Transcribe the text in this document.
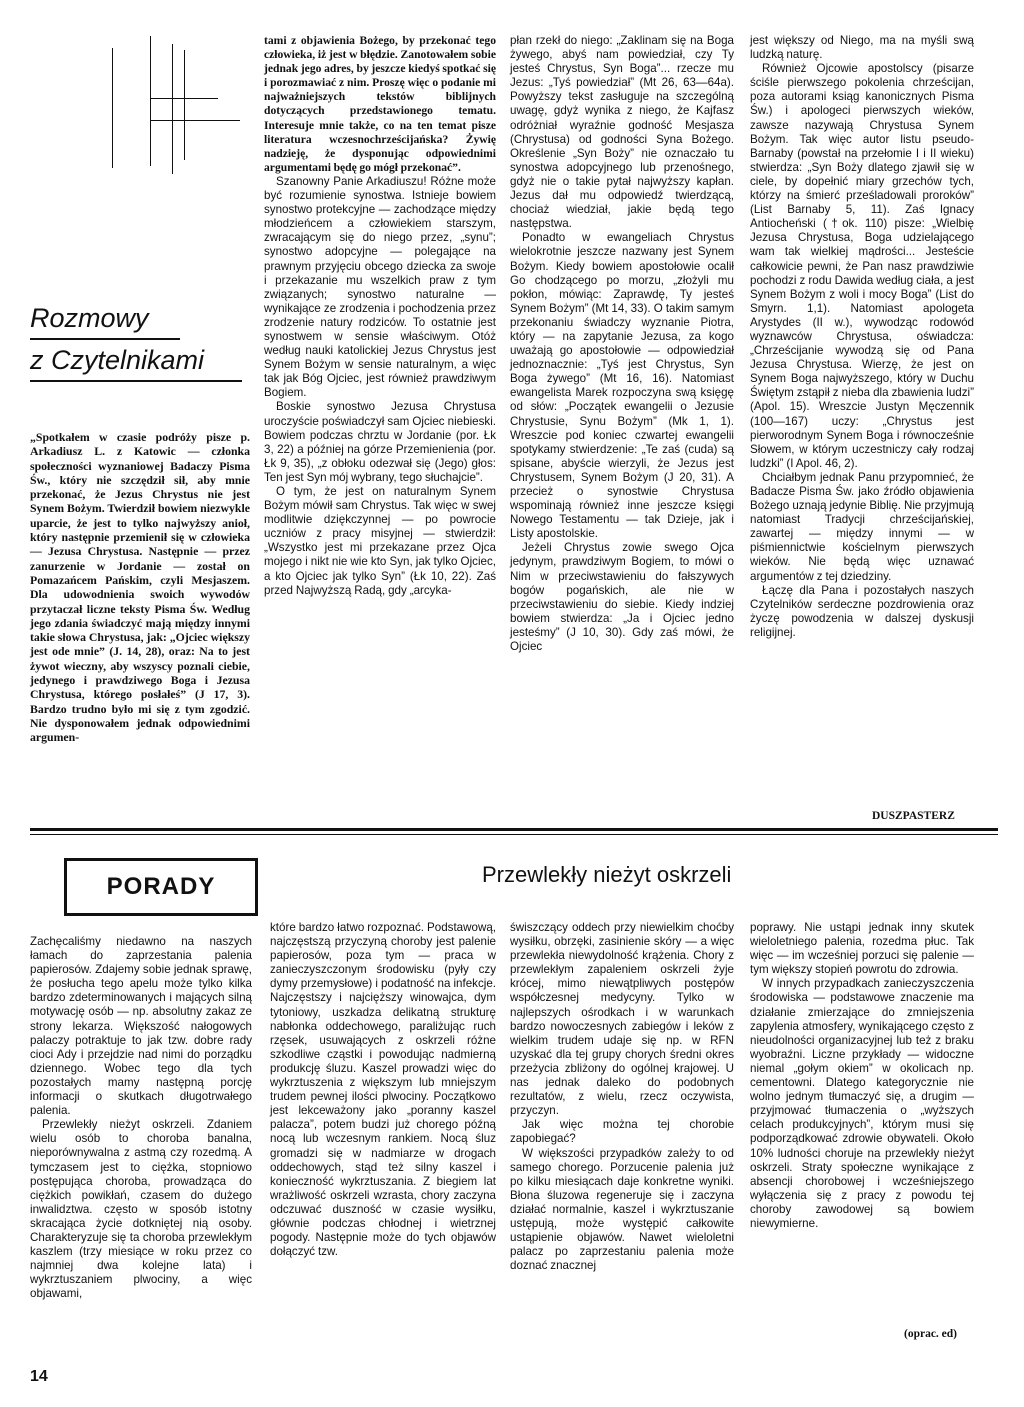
Rozmowy
z Czytelnikami

„Spotkałem w czasie podróży pisze p. Arkadiusz L. z Katowic — członka społeczności wyznaniowej Badaczy Pisma Św., który nie szczędził sił, aby mnie przekonać, że Jezus Chrystus nie jest Synem Bożym. Twierdził bowiem niezwykle uparcie, że jest to tylko najwyższy anioł, który następnie przemienił się w człowieka — Jezusa Chrystusa. Następnie — przez zanurzenie w Jordanie — został on Pomazańcem Pańskim, czyli Mesjaszem. Dla udowodnienia swoich wywodów przytaczał liczne teksty Pisma Św. Według jego zdania świadczyć mają między innymi takie słowa Chrystusa, jak: „Ojciec większy jest ode mnie” (J. 14, 28), oraz: Na to jest żywot wieczny, aby wszyscy poznali ciebie, jedynego i prawdziwego Boga i Jezusa Chrystusa, którego posłałeś” (J 17, 3). Bardzo trudno było mi się z tym zgodzić. Nie dysponowałem jednak odpowiednimi argumen-

tami z objawienia Bożego, by przekonać tego człowieka, iż jest w błędzie. Zanotowałem sobie jednak jego adres, by jeszcze kiedyś spotkać się i porozmawiać z nim. Proszę więc o podanie mi najważniejszych tekstów biblijnych dotyczących przedstawionego tematu. Interesuje mnie także, co na ten temat pisze literatura wczesnochrześcijańska? Żywię nadzieję, że dysponując odpowiednimi argumentami będę go mógł przekonać”.

Szanowny Panie Arkadiuszu! Różne może być rozumienie synostwa. Istnieje bowiem synostwo protekcyjne — zachodzące między młodzieńcem a człowiekiem starszym, zwracającym się do niego przez, „synu”; synostwo adopcyjne — polegające na prawnym przyjęciu obcego dziecka za swoje i przekazanie mu wszelkich praw z tym związanych; synostwo naturalne — wynikające ze zrodzenia i pochodzenia przez zrodzenie natury rodziców. To ostatnie jest synostwem w sensie właściwym. Otóż według nauki katolickiej Jezus Chrystus jest Synem Bożym w sensie naturalnym, a więc tak jak Bóg Ojciec, jest również prawdziwym Bogiem.

Boskie synostwo Jezusa Chrystusa uroczyście poświadczył sam Ojciec niebieski. Bowiem podczas chrztu w Jordanie (por. Łk 3, 22) a później na górze Przemienienia (por. Łk 9, 35), „z obłoku odezwał się (Jego) głos: Ten jest Syn mój wybrany, tego słuchajcie”.

O tym, że jest on naturalnym Synem Bożym mówił sam Chrystus. Tak więc w swej modlitwie dziękczynnej — po powrocie uczniów z pracy misyjnej — stwierdził: „Wszystko jest mi przekazane przez Ojca mojego i nikt nie wie kto Syn, jak tylko Ojciec, a kto Ojciec jak tylko Syn” (Łk 10, 22). Zaś przed Najwyższą Radą, gdy „arcyka-

płan rzekł do niego: „Zaklinam się na Boga żywego, abyś nam powiedział, czy Ty jesteś Chrystus, Syn Boga”... rzecze mu Jezus: „Tyś powiedział” (Mt 26, 63—64a). Powyższy tekst zasługuje na szczególną uwagę, gdyż wynika z niego, że Kajfasz odróżniał wyraźnie godność Mesjasza (Chrystusa) od godności Syna Bożego. Określenie „Syn Boży” nie oznaczało tu synostwa adopcyjnego lub przenośnego, gdyż nie o takie pytał najwyższy kapłan. Jezus dał mu odpowiedź twierdzącą, chociaż wiedział, jakie będą tego następstwa.

Ponadto w ewangeliach Chrystus wielokrotnie jeszcze nazwany jest Synem Bożym. Kiedy bowiem apostołowie ocalił Go chodzącego po morzu, „złożyli mu pokłon, mówiąc: Zaprawdę, Ty jesteś Synem Bożym” (Mt 14, 33). O takim samym przekonaniu świadczy wyznanie Piotra, który — na zapytanie Jezusa, za kogo uważają go apostołowie — odpowiedział jednoznacznie: „Tyś jest Chrystus, Syn Boga żywego” (Mt 16, 16). Natomiast ewangelista Marek rozpoczyna swą księgę od słów: „Początek ewangelii o Jezusie Chrystusie, Synu Bożym” (Mk 1, 1). Wreszcie pod koniec czwartej ewangelii spotykamy stwierdzenie: „Te zaś (cuda) są spisane, abyście wierzyli, że Jezus jest Chrystusem, Synem Bożym (J 20, 31). A przecież o synostwie Chrystusa wspominają również inne jeszcze księgi Nowego Testamentu — tak Dzieje, jak i Listy apostolskie.

Jeżeli Chrystus zowie swego Ojca jedynym, prawdziwym Bogiem, to mówi o Nim w przeciwstawieniu do fałszywych bogów pogańskich, ale nie w przeciwstawieniu do siebie. Kiedy indziej bowiem stwierdza: „Ja i Ojciec jedno jesteśmy” (J 10, 30). Gdy zaś mówi, że Ojciec

jest większy od Niego, ma na myśli swą ludzką naturę.

Również Ojcowie apostolscy (pisarze ściśle pierwszego pokolenia chrześcijan, poza autorami ksiąg kanonicznych Pisma Św.) i apologeci pierwszych wieków, zawsze nazywają Chrystusa Synem Bożym. Tak więc autor listu pseudo-Barnaby (powstał na przełomie I i II wieku) stwierdza: „Syn Boży dlatego zjawił się w ciele, by dopełnić miary grzechów tych, którzy na śmierć prześladowali proroków” (List Barnaby 5, 11). Zaś Ignacy Antiocheński (†ok. 110) pisze: „Wielbię Jezusa Chrystusa, Boga udzielającego wam tak wielkiej mądrości... Jesteście całkowicie pewni, że Pan nasz prawdziwie pochodzi z rodu Dawida według ciała, a jest Synem Bożym z woli i mocy Boga” (List do Smyrn. 1,1). Natomiast apologeta Arystydes (II w.), wywodząc rodowód wyznawców Chrystusa, oświadcza: „Chrześcijanie wywodzą się od Pana Jezusa Chrystusa. Wierzę, że jest on Synem Boga najwyższego, który w Duchu Świętym zstąpił z nieba dla zbawienia ludzi” (Apol. 15). Wreszcie Justyn Męczennik (100—167) uczy: „Chrystus jest pierworodnym Synem Boga i równocześnie Słowem, w którym uczestniczy cały rodzaj ludzki” (I Apol. 46, 2).

Chciałbym jednak Panu przypomnieć, że Badacze Pisma Św. jako źródło objawienia Bożego uznają jedynie Biblię. Nie przyjmują natomiast Tradycji chrześcijańskiej, zawartej — między innymi — w piśmiennictwie kościelnym pierwszych wieków. Nie będą więc uznawać argumentów z tej dziedziny.

Łączę dla Pana i pozostałych naszych Czytelników serdeczne pozdrowienia oraz życzę powodzenia w dalszej dyskusji religijnej.

DUSZPASTERZ
PORADY	Przewlekły nieżyt oskrzeli

Zachęcaliśmy niedawno na naszych łamach do zaprzestania palenia papierosów. Zdajemy sobie jednak sprawę, że posłucha tego apelu może tylko kilka bardzo zdeterminowanych i mających silną motywację osób — np. absolutny zakaz ze strony lekarza. Większość nałogowych palaczy potraktuje to jak tzw. dobre rady cioci Ady i przejdzie nad nimi do porządku dziennego. Wobec tego dla tych pozostałych mamy następną porcję informacji o skutkach długotrwałego palenia.

Przewlekły nieżyt oskrzeli. Zdaniem wielu osób to choroba banalna, nieporównywalna z astmą czy rozedmą. A tymczasem jest to ciężka, stopniowo postępująca choroba, prowadząca do ciężkich powikłań, czasem do dużego inwalidztwa. często w sposób istotny skracająca życie dotkniętej nią osoby. Charakteryzuje się ta choroba przewlekłym kaszlem (trzy miesiące w roku przez co najmniej dwa kolejne lata) i wykrztuszaniem plwociny, a więc objawami,

które bardzo łatwo rozpoznać. Podstawową, najczęstszą przyczyną choroby jest palenie papierosów, poza tym — praca w zanieczyszczonym środowisku (pyły czy dymy przemysłowe) i podatność na infekcje. Najczęstszy i najcięższy winowajca, dym tytoniowy, uszkadza delikatną strukturę nabłonka oddechowego, paraliżując ruch rzęsek, usuwających z oskrzeli różne szkodliwe cząstki i powodując nadmierną produkcję śluzu. Kaszel prowadzi więc do wykrztuszenia z większym lub mniejszym trudem pewnej ilości plwociny. Początkowo jest lekceważony jako „poranny kaszel palacza”, potem budzi już chorego późną nocą lub wczesnym rankiem. Nocą śluz gromadzi się w nadmiarze w drogach oddechowych, stąd też silny kaszel i konieczność wykrztuszania. Z biegiem lat wrażliwość oskrzeli wzrasta, chory zaczyna odczuwać duszność w czasie wysiłku, głównie podczas chłodnej i wietrznej pogody. Następnie może do tych objawów dołączyć tzw.

świszczący oddech przy niewielkim choćby wysiłku, obrzęki, zasinienie skóry — a więc przewlekła niewydolność krążenia. Chory z przewlekłym zapaleniem oskrzeli żyje krócej, mimo niewątpliwych postępów współczesnej medycyny. Tylko w najlepszych ośrodkach i w warunkach bardzo nowoczesnych zabiegów i leków z wielkim trudem udaje się np. w RFN uzyskać dla tej grupy chorych średni okres przeżycia zbliżony do ogólnej krajowej. U nas jednak daleko do podobnych rezultatów, z wielu, rzecz oczywista, przyczyn.

Jak więc można tej chorobie zapobiegać?

W większości przypadków zależy to od samego chorego. Porzucenie palenia już po kilku miesiącach daje konkretne wyniki. Błona śluzowa regeneruje się i zaczyna działać normalnie, kaszel i wykrztuszanie ustępują, może występić całkowite ustąpienie objawów. Nawet wieloletni palacz po zaprzestaniu palenia może doznać znacznej

poprawy. Nie ustąpi jednak inny skutek wieloletniego palenia, rozedma płuc. Tak więc — im wcześniej porzuci się palenie — tym większy stopień powrotu do zdrowia.

W innych przypadkach zanieczyszczenia środowiska — podstawowe znaczenie ma działanie zmierzające do zmniejszenia zapylenia atmosfery, wynikającego często z nieudolności organizacyjnej lub też z braku wyobraźni. Liczne przykłady — widoczne niemal „gołym okiem” w okolicach np. cementowni. Dlatego kategorycznie nie wolno jednym tłumaczyć się, a drugim — przyjmować tłumaczenia o „wyższych celach produkcyjnych”, którym musi się podporządkować zdrowie obywateli. Około 10% ludności choruje na przewlekły nieżyt oskrzeli. Straty społeczne wynikające z absencji chorobowej i wcześniejszego wyłączenia się z pracy z powodu tej choroby zawodowej są bowiem niewymierne.

(oprac. ed)
14
